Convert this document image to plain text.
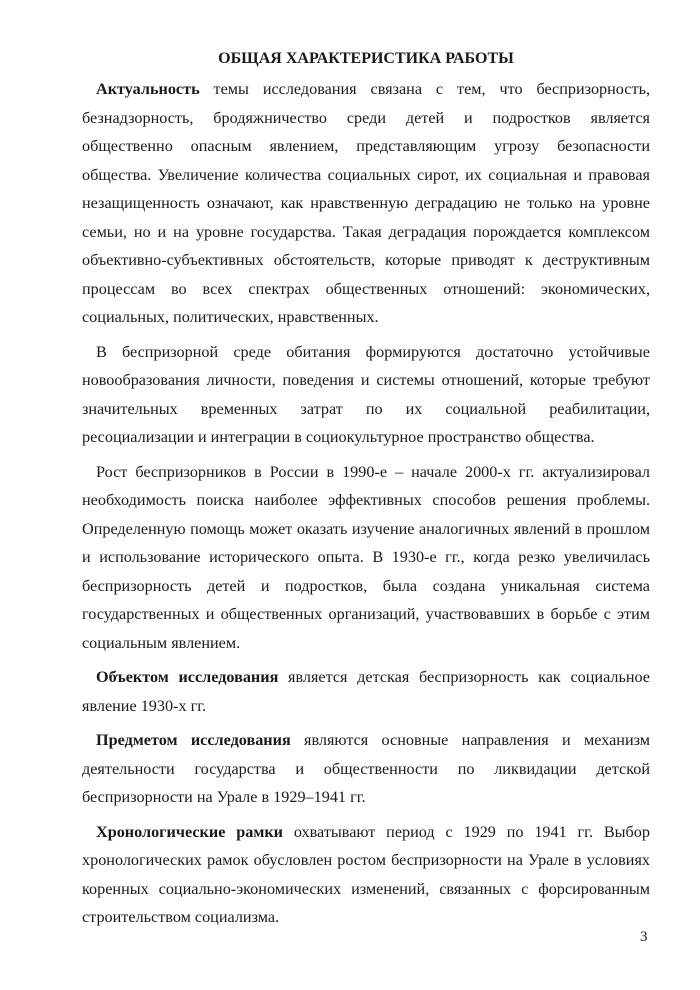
ОБЩАЯ ХАРАКТЕРИСТИКА РАБОТЫ

Актуальность темы исследования связана с тем, что беспризорность, безнадзорность, бродяжничество среди детей и подростков является общественно опасным явлением, представляющим угрозу безопасности общества. Увеличение количества социальных сирот, их социальная и правовая незащищенность означают, как нравственную деградацию не только на уровне семьи, но и на уровне государства. Такая деградация порождается комплексом объективно-субъективных обстоятельств, которые приводят к деструктивным процессам во всех спектрах общественных отношений: экономических, социальных, политических, нравственных.

В беспризорной среде обитания формируются достаточно устойчивые новообразования личности, поведения и системы отношений, которые требуют значительных временных затрат по их социальной реабилитации, ресоциализации и интеграции в социокультурное пространство общества.

Рост беспризорников в России в 1990-е – начале 2000-х гг. актуализировал необходимость поиска наиболее эффективных способов решения проблемы. Определенную помощь может оказать изучение аналогичных явлений в прошлом и использование исторического опыта. В 1930-е гг., когда резко увеличилась беспризорность детей и подростков, была создана уникальная система государственных и общественных организаций, участвовавших в борьбе с этим социальным явлением.

Объектом исследования является детская беспризорность как социальное явление 1930-х гг.

Предметом исследования являются основные направления и механизм деятельности государства и общественности по ликвидации детской беспризорности на Урале в 1929–1941 гг.

Хронологические рамки охватывают период с 1929 по 1941 гг. Выбор хронологических рамок обусловлен ростом беспризорности на Урале в условиях коренных социально-экономических изменений, связанных с форсированным строительством социализма.

3
